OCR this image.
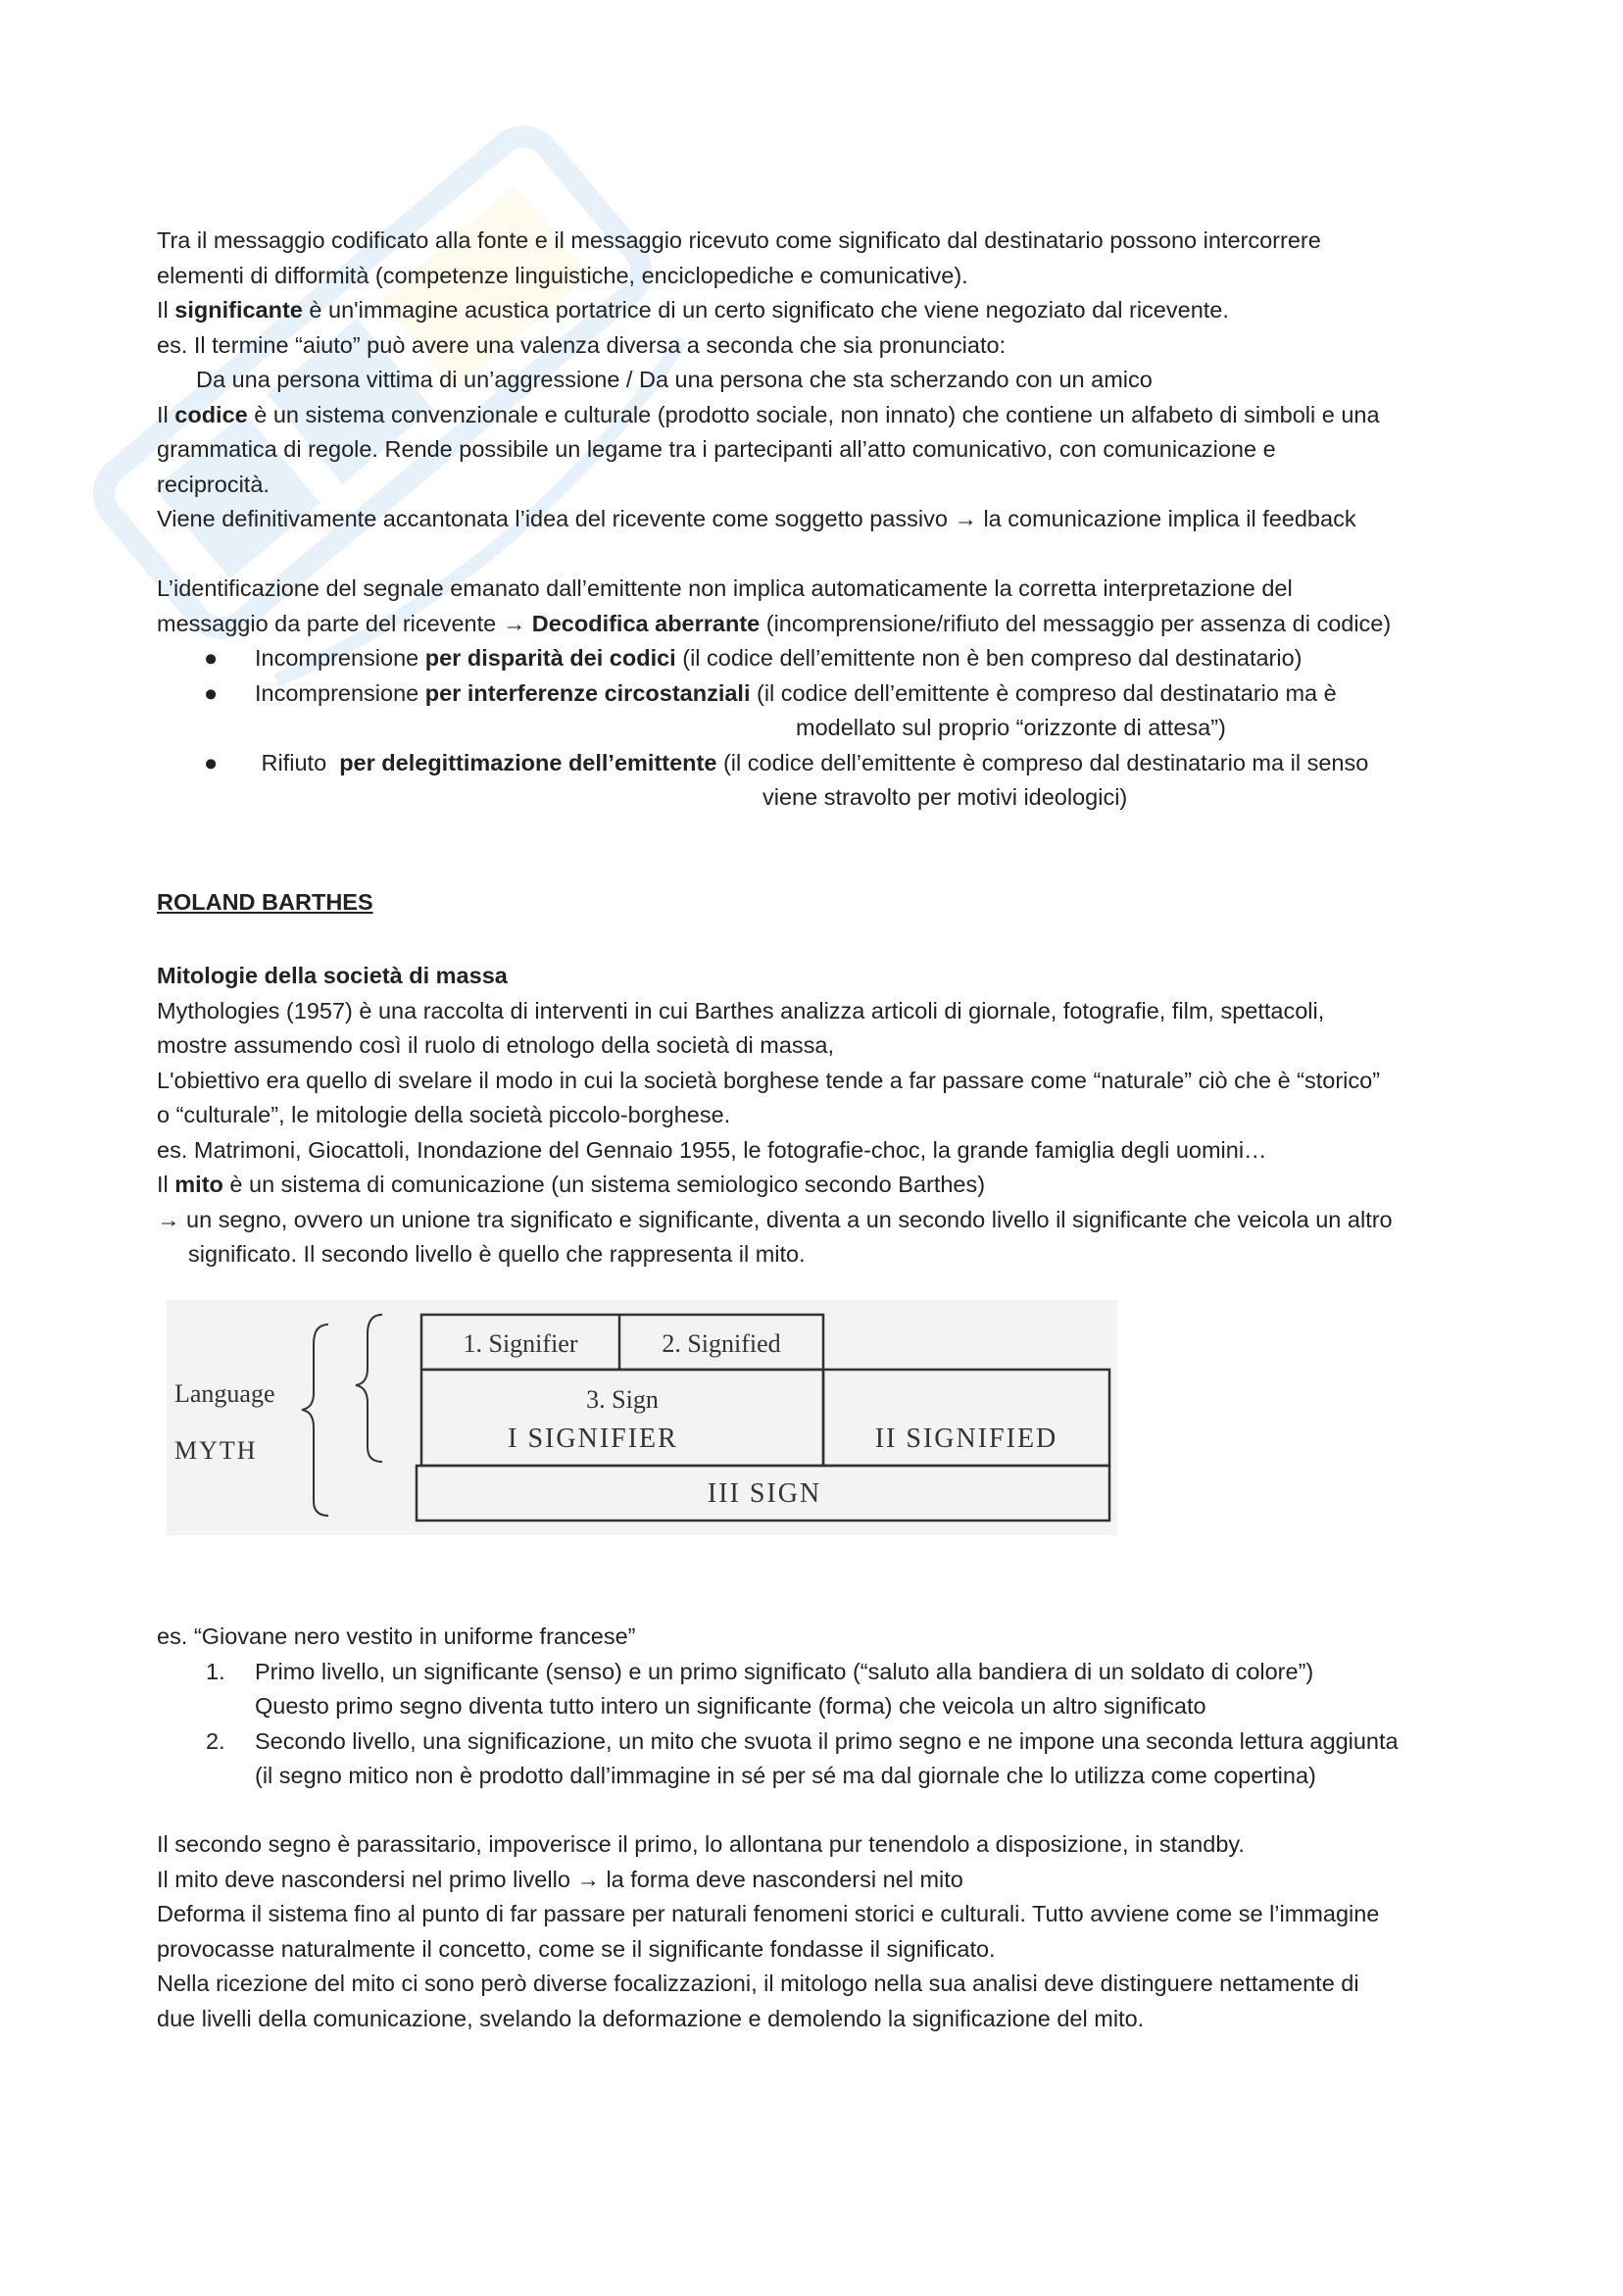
Tra il messaggio codificato alla fonte e il messaggio ricevuto come significato dal destinatario possono intercorrere

elementi di difformità (competenze linguistiche, enciclopediche e comunicative).

Il significante è un'immagine acustica portatrice di un certo significato che viene negoziato dal ricevente.

es. Il termine “aiuto” può avere una valenza diversa a seconda che sia pronunciato:

Da una persona vittima di un’aggressione / Da una persona che sta scherzando con un amico

Il codice è un sistema convenzionale e culturale (prodotto sociale, non innato) che contiene un alfabeto di simboli e una

grammatica di regole. Rende possibile un legame tra i partecipanti all’atto comunicativo, con comunicazione e

reciprocità.

Viene definitivamente accantonata l’idea del ricevente come soggetto passivo → la comunicazione implica il feedback

L’identificazione del segnale emanato dall’emittente non implica automaticamente la corretta interpretazione del

messaggio da parte del ricevente → Decodifica aberrante (incomprensione/rifiuto del messaggio per assenza di codice)

● Incomprensione per disparità dei codici (il codice dell’emittente non è ben compreso dal destinatario)
● Incomprensione per interferenze circostanziali (il codice dell’emittente è compreso dal destinatario ma è
modellato sul proprio “orizzonte di attesa”)
● Rifiuto  per delegittimazione dell’emittente (il codice dell’emittente è compreso dal destinatario ma il senso
viene stravolto per motivi ideologici)

ROLAND BARTHES

Mitologie della società di massa

Mythologies (1957) è una raccolta di interventi in cui Barthes analizza articoli di giornale, fotografie, film, spettacoli,

mostre assumendo così il ruolo di etnologo della società di massa,

L'obiettivo era quello di svelare il modo in cui la società borghese tende a far passare come “naturale” ciò che è “storico”

o “culturale”, le mitologie della società piccolo-borghese.

es. Matrimoni, Giocattoli, Inondazione del Gennaio 1955, le fotografie-choc, la grande famiglia degli uomini…

Il mito è un sistema di comunicazione (un sistema semiologico secondo Barthes)

→ un segno, ovvero un unione tra significato e significante, diventa a un secondo livello il significante che veicola un altro

significato. Il secondo livello è quello che rappresenta il mito.

es. “Giovane nero vestito in uniforme francese”

1. Primo livello, un significante (senso) e un primo significato (“saluto alla bandiera di un soldato di colore”)
Questo primo segno diventa tutto intero un significante (forma) che veicola un altro significato
2. Secondo livello, una significazione, un mito che svuota il primo segno e ne impone una seconda lettura aggiunta
(il segno mitico non è prodotto dall’immagine in sé per sé ma dal giornale che lo utilizza come copertina)

Il secondo segno è parassitario, impoverisce il primo, lo allontana pur tenendolo a disposizione, in standby.

Il mito deve nascondersi nel primo livello → la forma deve nascondersi nel mito

Deforma il sistema fino al punto di far passare per naturali fenomeni storici e culturali. Tutto avviene come se l’immagine

provocasse naturalmente il concetto, come se il significante fondasse il significato.

Nella ricezione del mito ci sono però diverse focalizzazioni, il mitologo nella sua analisi deve distinguere nettamente di

due livelli della comunicazione, svelando la deformazione e demolendo la significazione del mito.

Language
MYTH
1. Signifier	2. Signified
3. Sign
I SIGNIFIER	II SIGNIFIED
III SIGN
